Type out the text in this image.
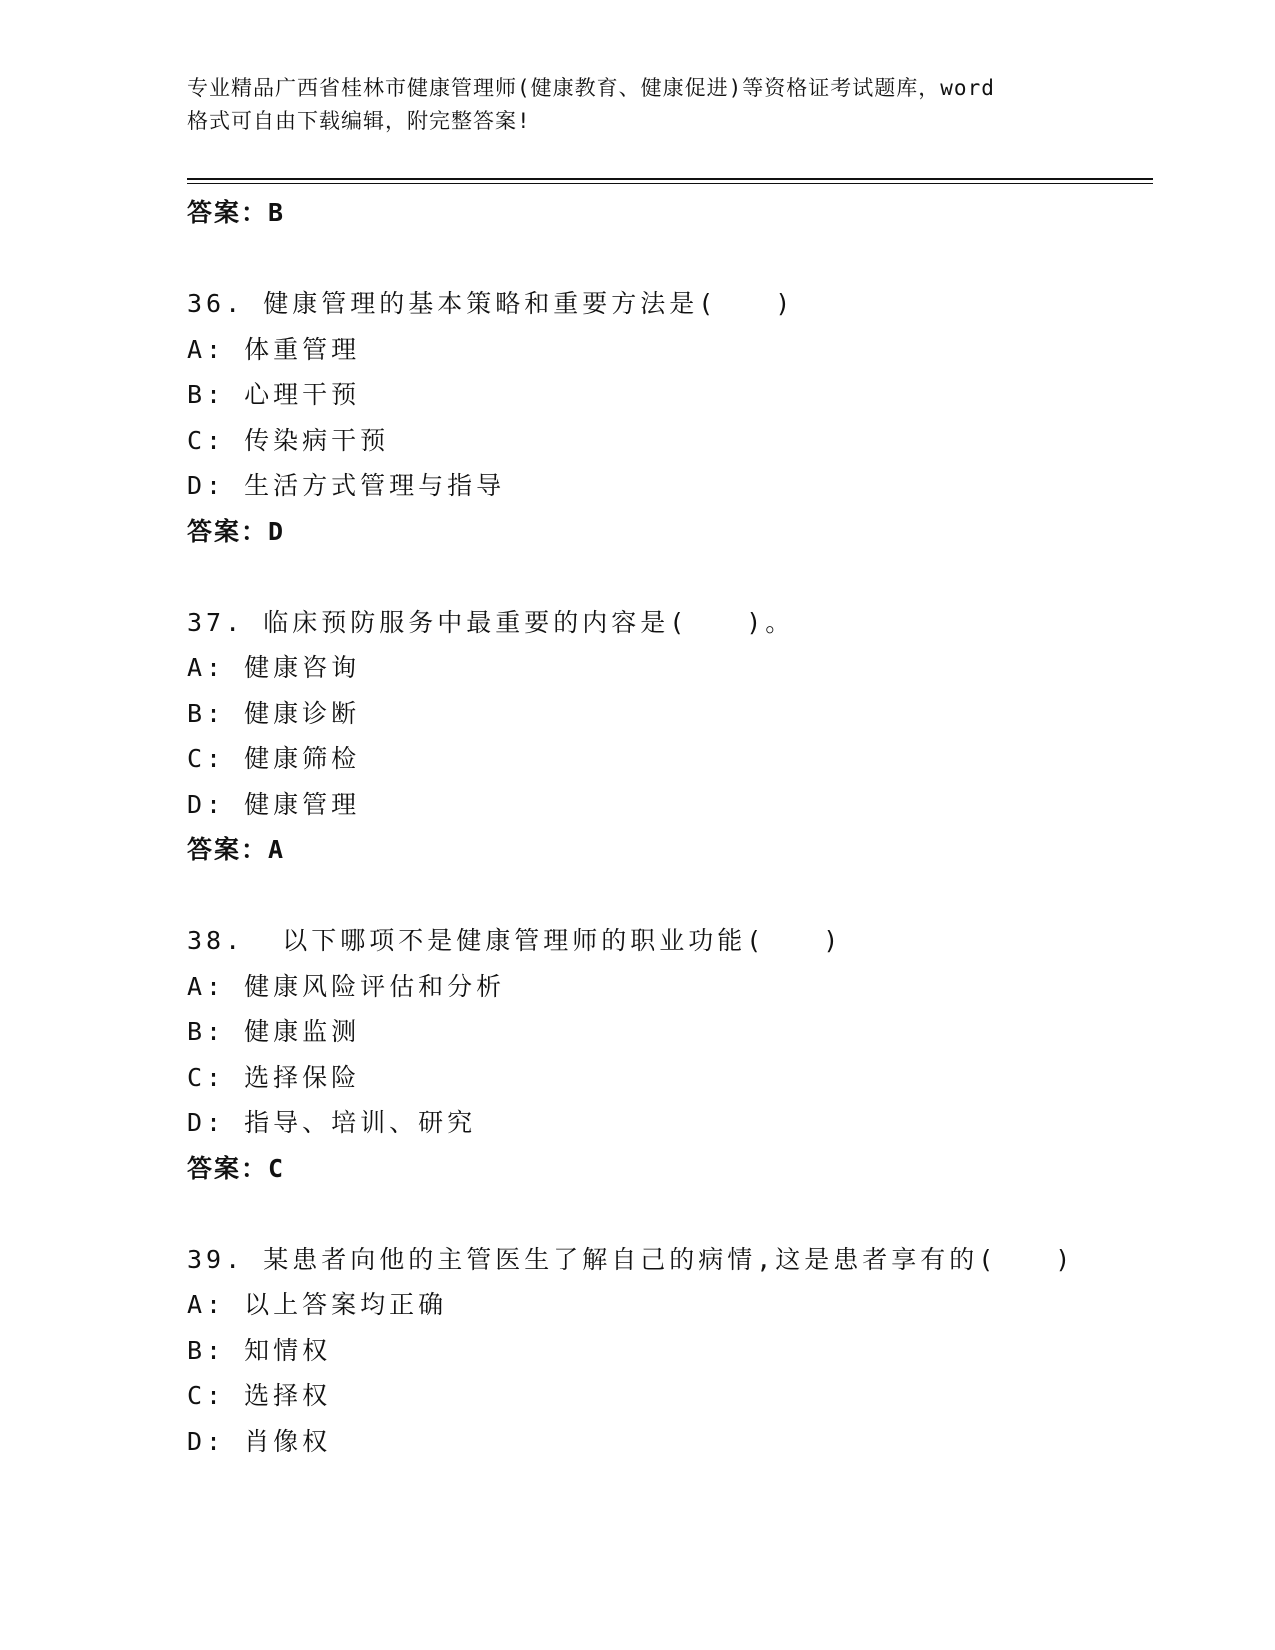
专业精品广西省桂林市健康管理师(健康教育、健康促进)等资格证考试题库，word
格式可自由下载编辑，附完整答案!
答案：B
36. 健康管理的基本策略和重要方法是(　　)
A: 体重管理
B: 心理干预
C: 传染病干预
D: 生活方式管理与指导
答案：D
37. 临床预防服务中最重要的内容是(　　)。
A: 健康咨询
B: 健康诊断
C: 健康筛检
D: 健康管理
答案：A
38.  以下哪项不是健康管理师的职业功能(　　)
A: 健康风险评估和分析
B: 健康监测
C: 选择保险
D: 指导、培训、研究
答案：C
39. 某患者向他的主管医生了解自己的病情,这是患者享有的(　　)
A: 以上答案均正确
B: 知情权
C: 选择权
D: 肖像权
